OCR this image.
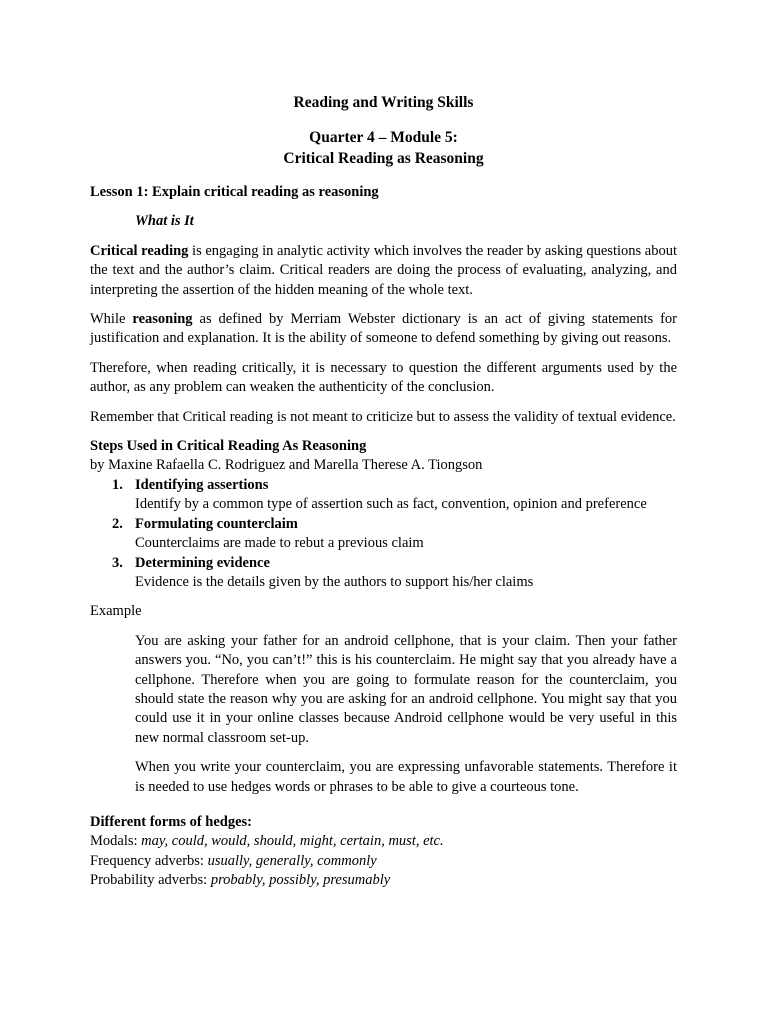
Reading and Writing Skills
Quarter 4 – Module 5:
Critical Reading as Reasoning
Lesson 1: Explain critical reading as reasoning
What is It

Critical reading is engaging in analytic activity which involves the reader by asking questions about the text and the author’s claim. Critical readers are doing the process of evaluating, analyzing, and interpreting the assertion of the hidden meaning of the whole text.

While reasoning as defined by Merriam Webster dictionary is an act of giving statements for justification and explanation. It is the ability of someone to defend something by giving out reasons.

Therefore, when reading critically, it is necessary to question the different arguments used by the author, as any problem can weaken the authenticity of the conclusion.

Remember that Critical reading is not meant to criticize but to assess the validity of textual evidence.

Steps Used in Critical Reading As Reasoning
by Maxine Rafaella C. Rodriguez and Marella Therese A. Tiongson
1. Identifying assertions
Identify by a common type of assertion such as fact, convention, opinion and preference
2. Formulating counterclaim
Counterclaims are made to rebut a previous claim
3. Determining evidence
Evidence is the details given by the authors to support his/her claims
Example

You are asking your father for an android cellphone, that is your claim. Then your father answers you. “No, you can’t!” this is his counterclaim. He might say that you already have a cellphone. Therefore when you are going to formulate reason for the counterclaim, you should state the reason why you are asking for an android cellphone. You might say that you could use it in your online classes because Android cellphone would be very useful in this new normal classroom set-up.

When you write your counterclaim, you are expressing unfavorable statements. Therefore it is needed to use hedges words or phrases to be able to give a courteous tone.

Different forms of hedges:
Modals: may, could, would, should, might, certain, must, etc.
Frequency adverbs: usually, generally, commonly
Probability adverbs: probably, possibly, presumably
